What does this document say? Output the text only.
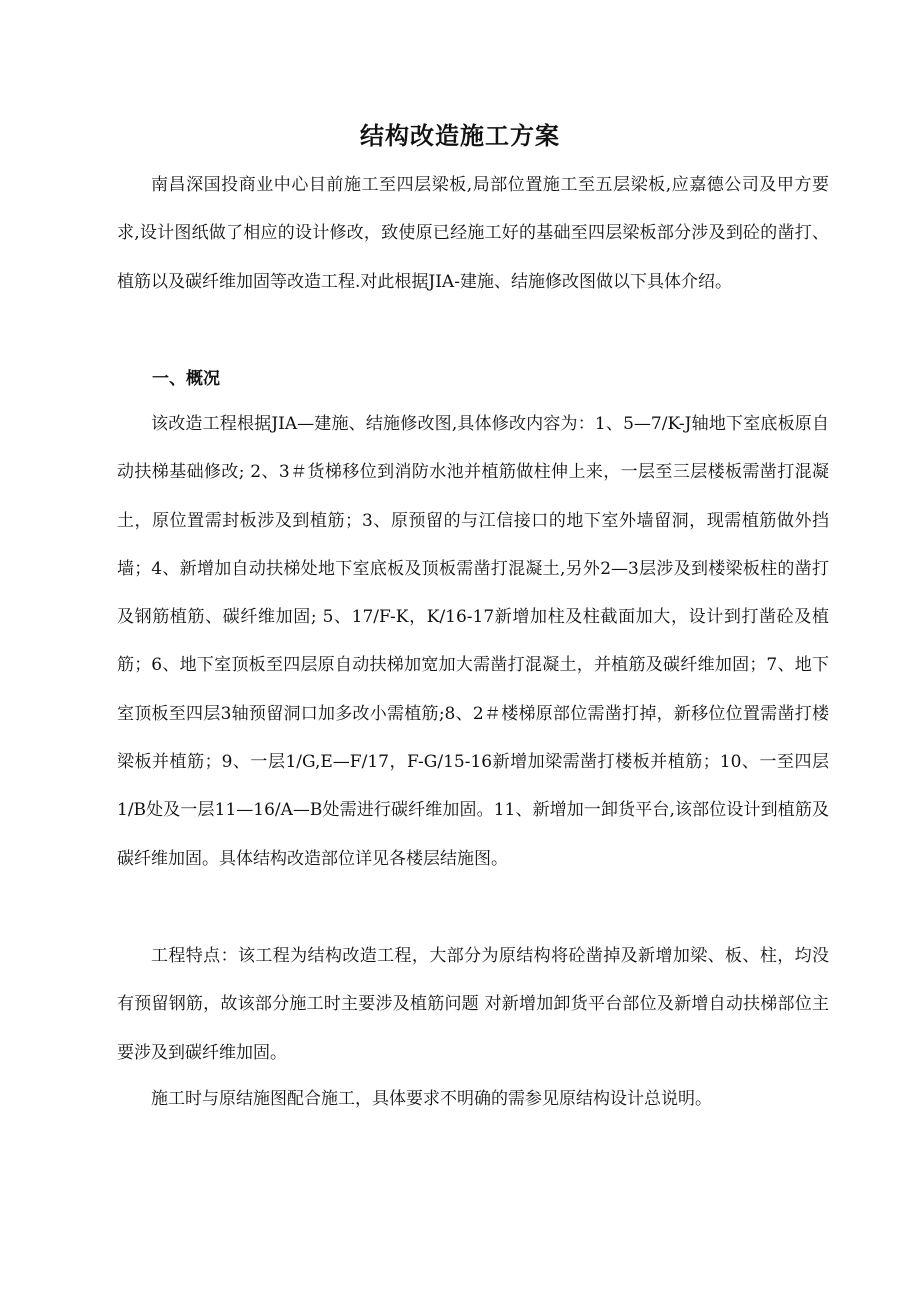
结构改造施工方案

南昌深国投商业中心目前施工至四层梁板,局部位置施工至五层梁板,应嘉德公司及甲方要求,设计图纸做了相应的设计修改，致使原已经施工好的基础至四层梁板部分涉及到砼的凿打、植筋以及碳纤维加固等改造工程.对此根据JIA-建施、结施修改图做以下具体介绍。

一、概况

该改造工程根据JIA—建施、结施修改图,具体修改内容为：1、5—7/K-J轴地下室底板原自动扶梯基础修改; 2、3＃货梯移位到消防水池并植筋做柱伸上来，一层至三层楼板需凿打混凝土，原位置需封板涉及到植筋；3、原预留的与江信接口的地下室外墙留洞，现需植筋做外挡墙；4、新增加自动扶梯处地下室底板及顶板需凿打混凝土,另外2—3层涉及到楼梁板柱的凿打及钢筋植筋、碳纤维加固; 5、17/F-K，K/16-17新增加柱及柱截面加大，设计到打凿砼及植筋；6、地下室顶板至四层原自动扶梯加宽加大需凿打混凝土，并植筋及碳纤维加固；7、地下室顶板至四层3轴预留洞口加多改小需植筋;8、2＃楼梯原部位需凿打掉，新移位位置需凿打楼梁板并植筋；9、一层1/G,E—F/17，F-G/15-16新增加梁需凿打楼板并植筋；10、一至四层1/B处及一层11—16/A—B处需进行碳纤维加固。11、新增加一卸货平台,该部位设计到植筋及碳纤维加固。具体结构改造部位详见各楼层结施图。

工程特点：该工程为结构改造工程，大部分为原结构将砼凿掉及新增加梁、板、柱，均没有预留钢筋，故该部分施工时主要涉及植筋问题 对新增加卸货平台部位及新增自动扶梯部位主要涉及到碳纤维加固。

施工时与原结施图配合施工，具体要求不明确的需参见原结构设计总说明。
